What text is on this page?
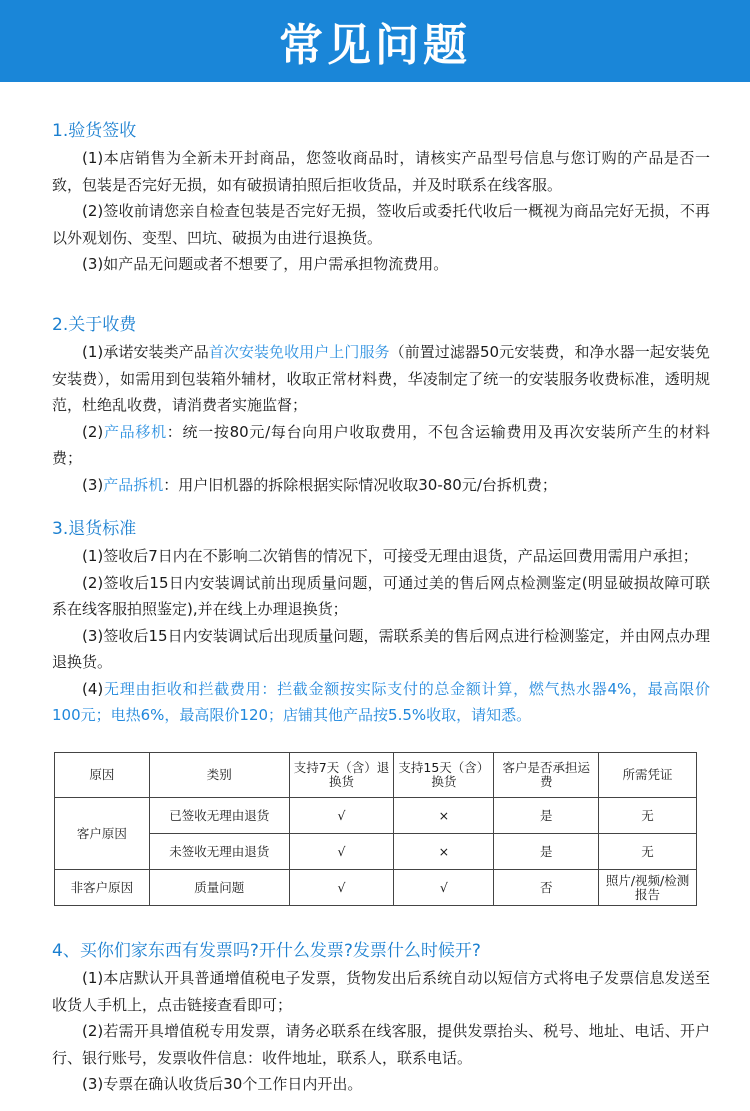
常见问题
1.验货签收

(1)本店销售为全新未开封商品，您签收商品时，请核实产品型号信息与您订购的产品是否一致，包装是否完好无损，如有破损请拍照后拒收货品，并及时联系在线客服。

(2)签收前请您亲自检查包装是否完好无损，签收后或委托代收后一概视为商品完好无损，不再以外观划伤、变型、凹坑、破损为由进行退换货。

(3)如产品无问题或者不想要了，用户需承担物流费用。

2.关于收费

(1)承诺安装类产品首次安装免收用户上门服务（前置过滤器50元安装费，和净水器一起安装免安装费），如需用到包装箱外辅材，收取正常材料费，华凌制定了统一的安装服务收费标准，透明规范，杜绝乱收费，请消费者实施监督；

(2)产品移机：统一按80元/每台向用户收取费用，不包含运输费用及再次安装所产生的材料费；

(3)产品拆机：用户旧机器的拆除根据实际情况收取30-80元/台拆机费；

3.退货标准

(1)签收后7日内在不影响二次销售的情况下，可接受无理由退货，产品运回费用需用户承担；

(2)签收后15日内安装调试前出现质量问题，可通过美的售后网点检测鉴定(明显破损故障可联系在线客服拍照鉴定),并在线上办理退换货；

(3)签收后15日内安装调试后出现质量问题，需联系美的售后网点进行检测鉴定，并由网点办理退换货。

(4)无理由拒收和拦截费用：拦截金额按实际支付的总金额计算，燃气热水器4%，最高限价100元；电热6%，最高限价120；店铺其他产品按5.5%收取，请知悉。

原因	类别	支持7天（含）退换货	支持15天（含）换货	客户是否承担运费	所需凭证
客户原因	已签收无理由退货	√	×	是	无
	未签收无理由退货	√	×	是	无
非客户原因	质量问题	√	√	否	照片/视频/检测报告
4、买你们家东西有发票吗?开什么发票?发票什么时候开?

(1)本店默认开具普通增值税电子发票，货物发出后系统自动以短信方式将电子发票信息发送至收货人手机上，点击链接查看即可；

(2)若需开具增值税专用发票，请务必联系在线客服，提供发票抬头、税号、地址、电话、开户行、银行账号，发票收件信息：收件地址，联系人，联系电话。

(3)专票在确认收货后30个工作日内开出。
